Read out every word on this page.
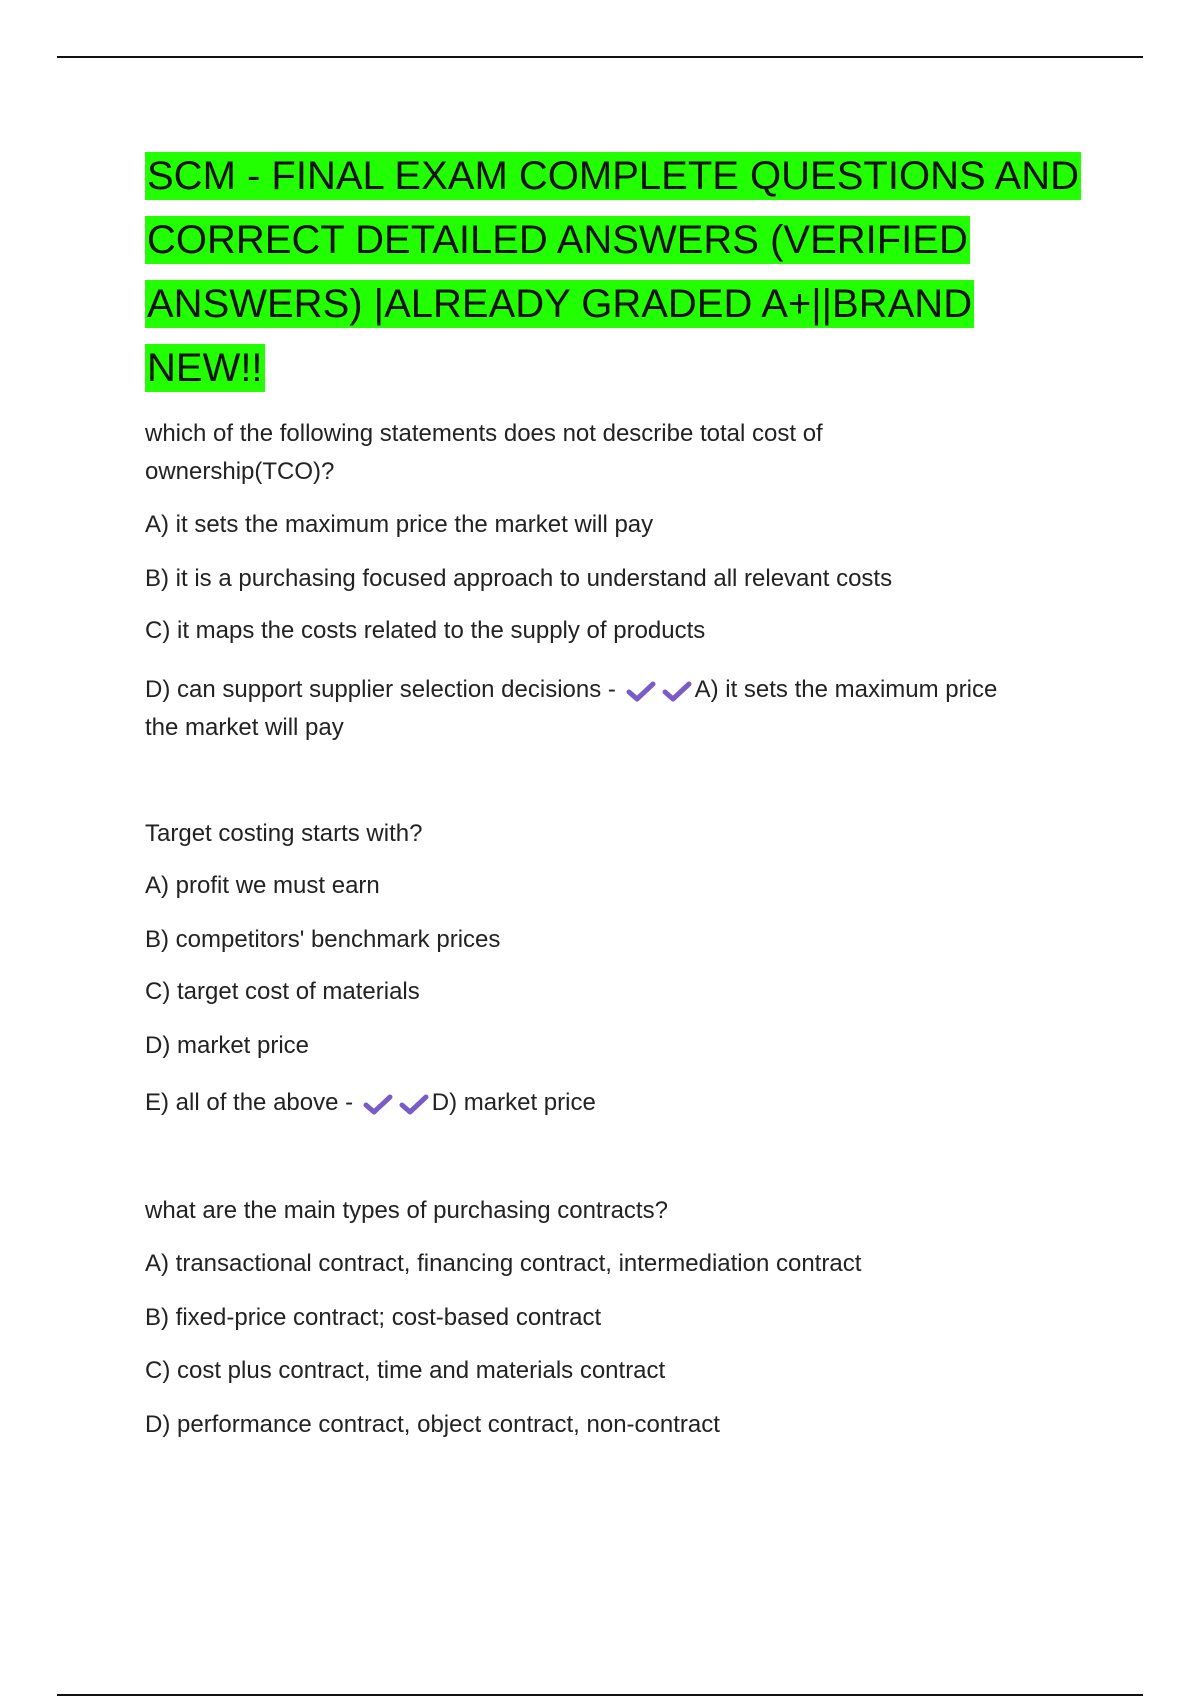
SCM - FINAL EXAM COMPLETE QUESTIONS AND
CORRECT DETAILED ANSWERS (VERIFIED
ANSWERS) |ALREADY GRADED A+||BRAND
NEW!!

which of the following statements does not describe total cost of

ownership(TCO)?

A) it sets the maximum price the market will pay

B) it is a purchasing focused approach to understand all relevant costs

C) it maps the costs related to the supply of products

D) can support supplier selection decisions -	A) it sets the maximum price

the market will pay

Target costing starts with?

A) profit we must earn

B) competitors' benchmark prices

C) target cost of materials

D) market price

E) all of the above -	D) market price

what are the main types of purchasing contracts?

A) transactional contract, financing contract, intermediation contract

B) fixed-price contract; cost-based contract

C) cost plus contract, time and materials contract

D) performance contract, object contract, non-contract
